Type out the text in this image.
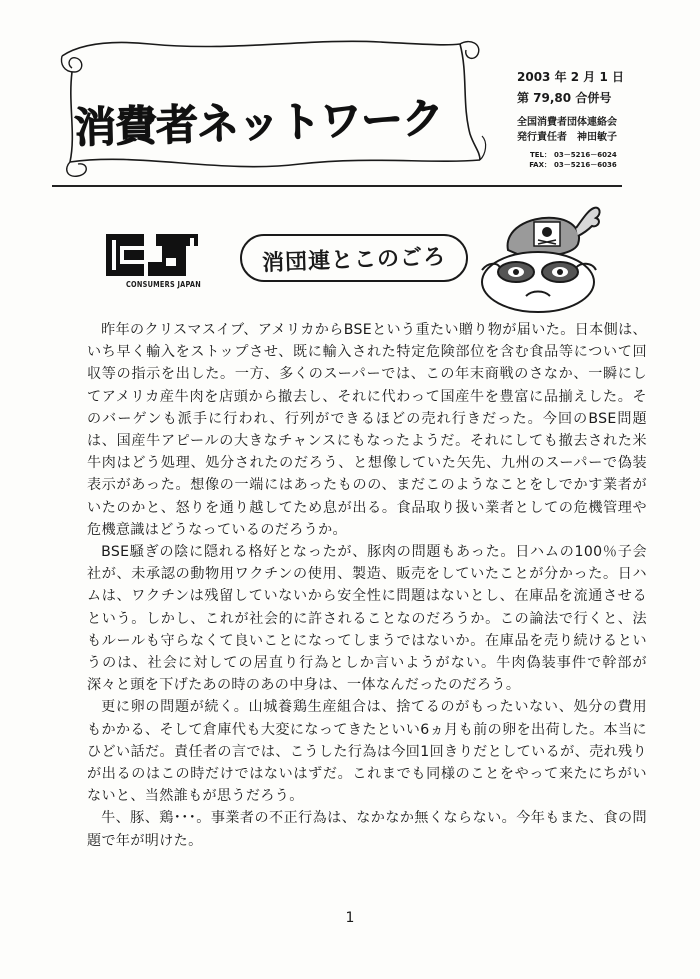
消費者ネットワーク
2003 年 2 月 1 日
第 79,80 合併号
全国消費者団体連絡会
発行責任者　神田敏子
TEL： 03－5216－6024
FAX： 03－5216－6036
CONSUMERS JAPAN
消団連とこのごろ

昨年のクリスマスイブ、アメリカからBSEという重たい贈り物が届いた。日本側は、いち早く輸入をストップさせ、既に輸入された特定危険部位を含む食品等について回収等の指示を出した。一方、多くのスーパーでは、この年末商戦のさなか、一瞬にしてアメリカ産牛肉を店頭から撤去し、それに代わって国産牛を豊富に品揃えした。そのバーゲンも派手に行われ、行列ができるほどの売れ行きだった。今回のBSE問題は、国産牛アピールの大きなチャンスにもなったようだ。それにしても撤去された米牛肉はどう処理、処分されたのだろう、と想像していた矢先、九州のスーパーで偽装表示があった。想像の一端にはあったものの、まだこのようなことをしでかす業者がいたのかと、怒りを通り越してため息が出る。食品取り扱い業者としての危機管理や危機意識はどうなっているのだろうか。

BSE騒ぎの陰に隠れる格好となったが、豚肉の問題もあった。日ハムの100％子会社が、未承認の動物用ワクチンの使用、製造、販売をしていたことが分かった。日ハムは、ワクチンは残留していないから安全性に問題はないとし、在庫品を流通させるという。しかし、これが社会的に許されることなのだろうか。この論法で行くと、法もルールも守らなくて良いことになってしまうではないか。在庫品を売り続けるというのは、社会に対しての居直り行為としか言いようがない。牛肉偽装事件で幹部が深々と頭を下げたあの時のあの中身は、一体なんだったのだろう。

更に卵の問題が続く。山城養鶏生産組合は、捨てるのがもったいない、処分の費用もかかる、そして倉庫代も大変になってきたといい6ヵ月も前の卵を出荷した。本当にひどい話だ。責任者の言では、こうした行為は今回1回きりだとしているが、売れ残りが出るのはこの時だけではないはずだ。これまでも同様のことをやって来たにちがいないと、当然誰もが思うだろう。

牛、豚、鶏･･･。事業者の不正行為は、なかなか無くならない。今年もまた、食の問題で年が明けた。

1
